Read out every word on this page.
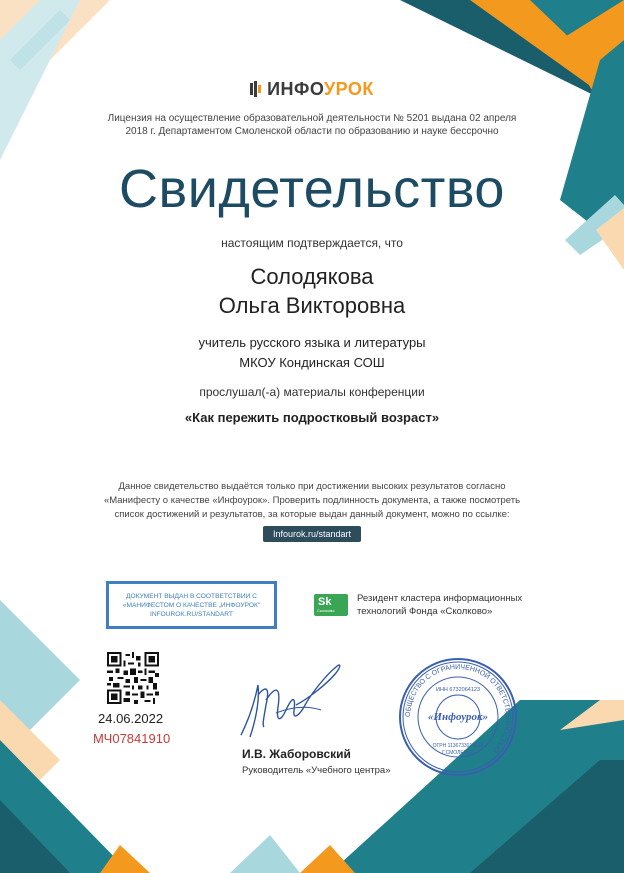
ИНФОУРОК
Лицензия на осуществление образовательной деятельности № 5201 выдана 02 апреля
2018 г. Департаментом Смоленской области по образованию и науке бессрочно
Свидетельство
настоящим подтверждается, что
Солодякова
Ольга Викторовна
учитель русского языка и литературы
МКОУ Кондинская СОШ
прослушал(-а) материалы конференции
«Как пережить подростковый возраст»
Данное свидетельство выдаётся только при достижении высоких результатов согласно
«Манифесту о качестве «Инфоурок». Проверить подлинность документа, а также посмотреть
список достижений и результатов, за которые выдан данный документ, можно по ссылке:
Infourok.ru/standart
ДОКУМЕНТ ВЫДАН В СООТВЕТСТВИИ С
«МАНИФЕСТОМ О КАЧЕСТВЕ „ИНФОУРОК"
INFOUROK.RU/STANDART
Sk
Сколково
Резидент кластера информационных
технологий Фонда «Сколково»
24.06.2022
МЧ07841910
И.В. Жаборовский
Руководитель «Учебного центра»
ОБЩЕСТВО С ОГРАНИЧЕННОЙ ОТВЕТСТВЕННОСТЬЮ
ИНН 6732064123
«Инфоурок»
ОГРН 1136733014618
Г.СМОЛЕНСК
